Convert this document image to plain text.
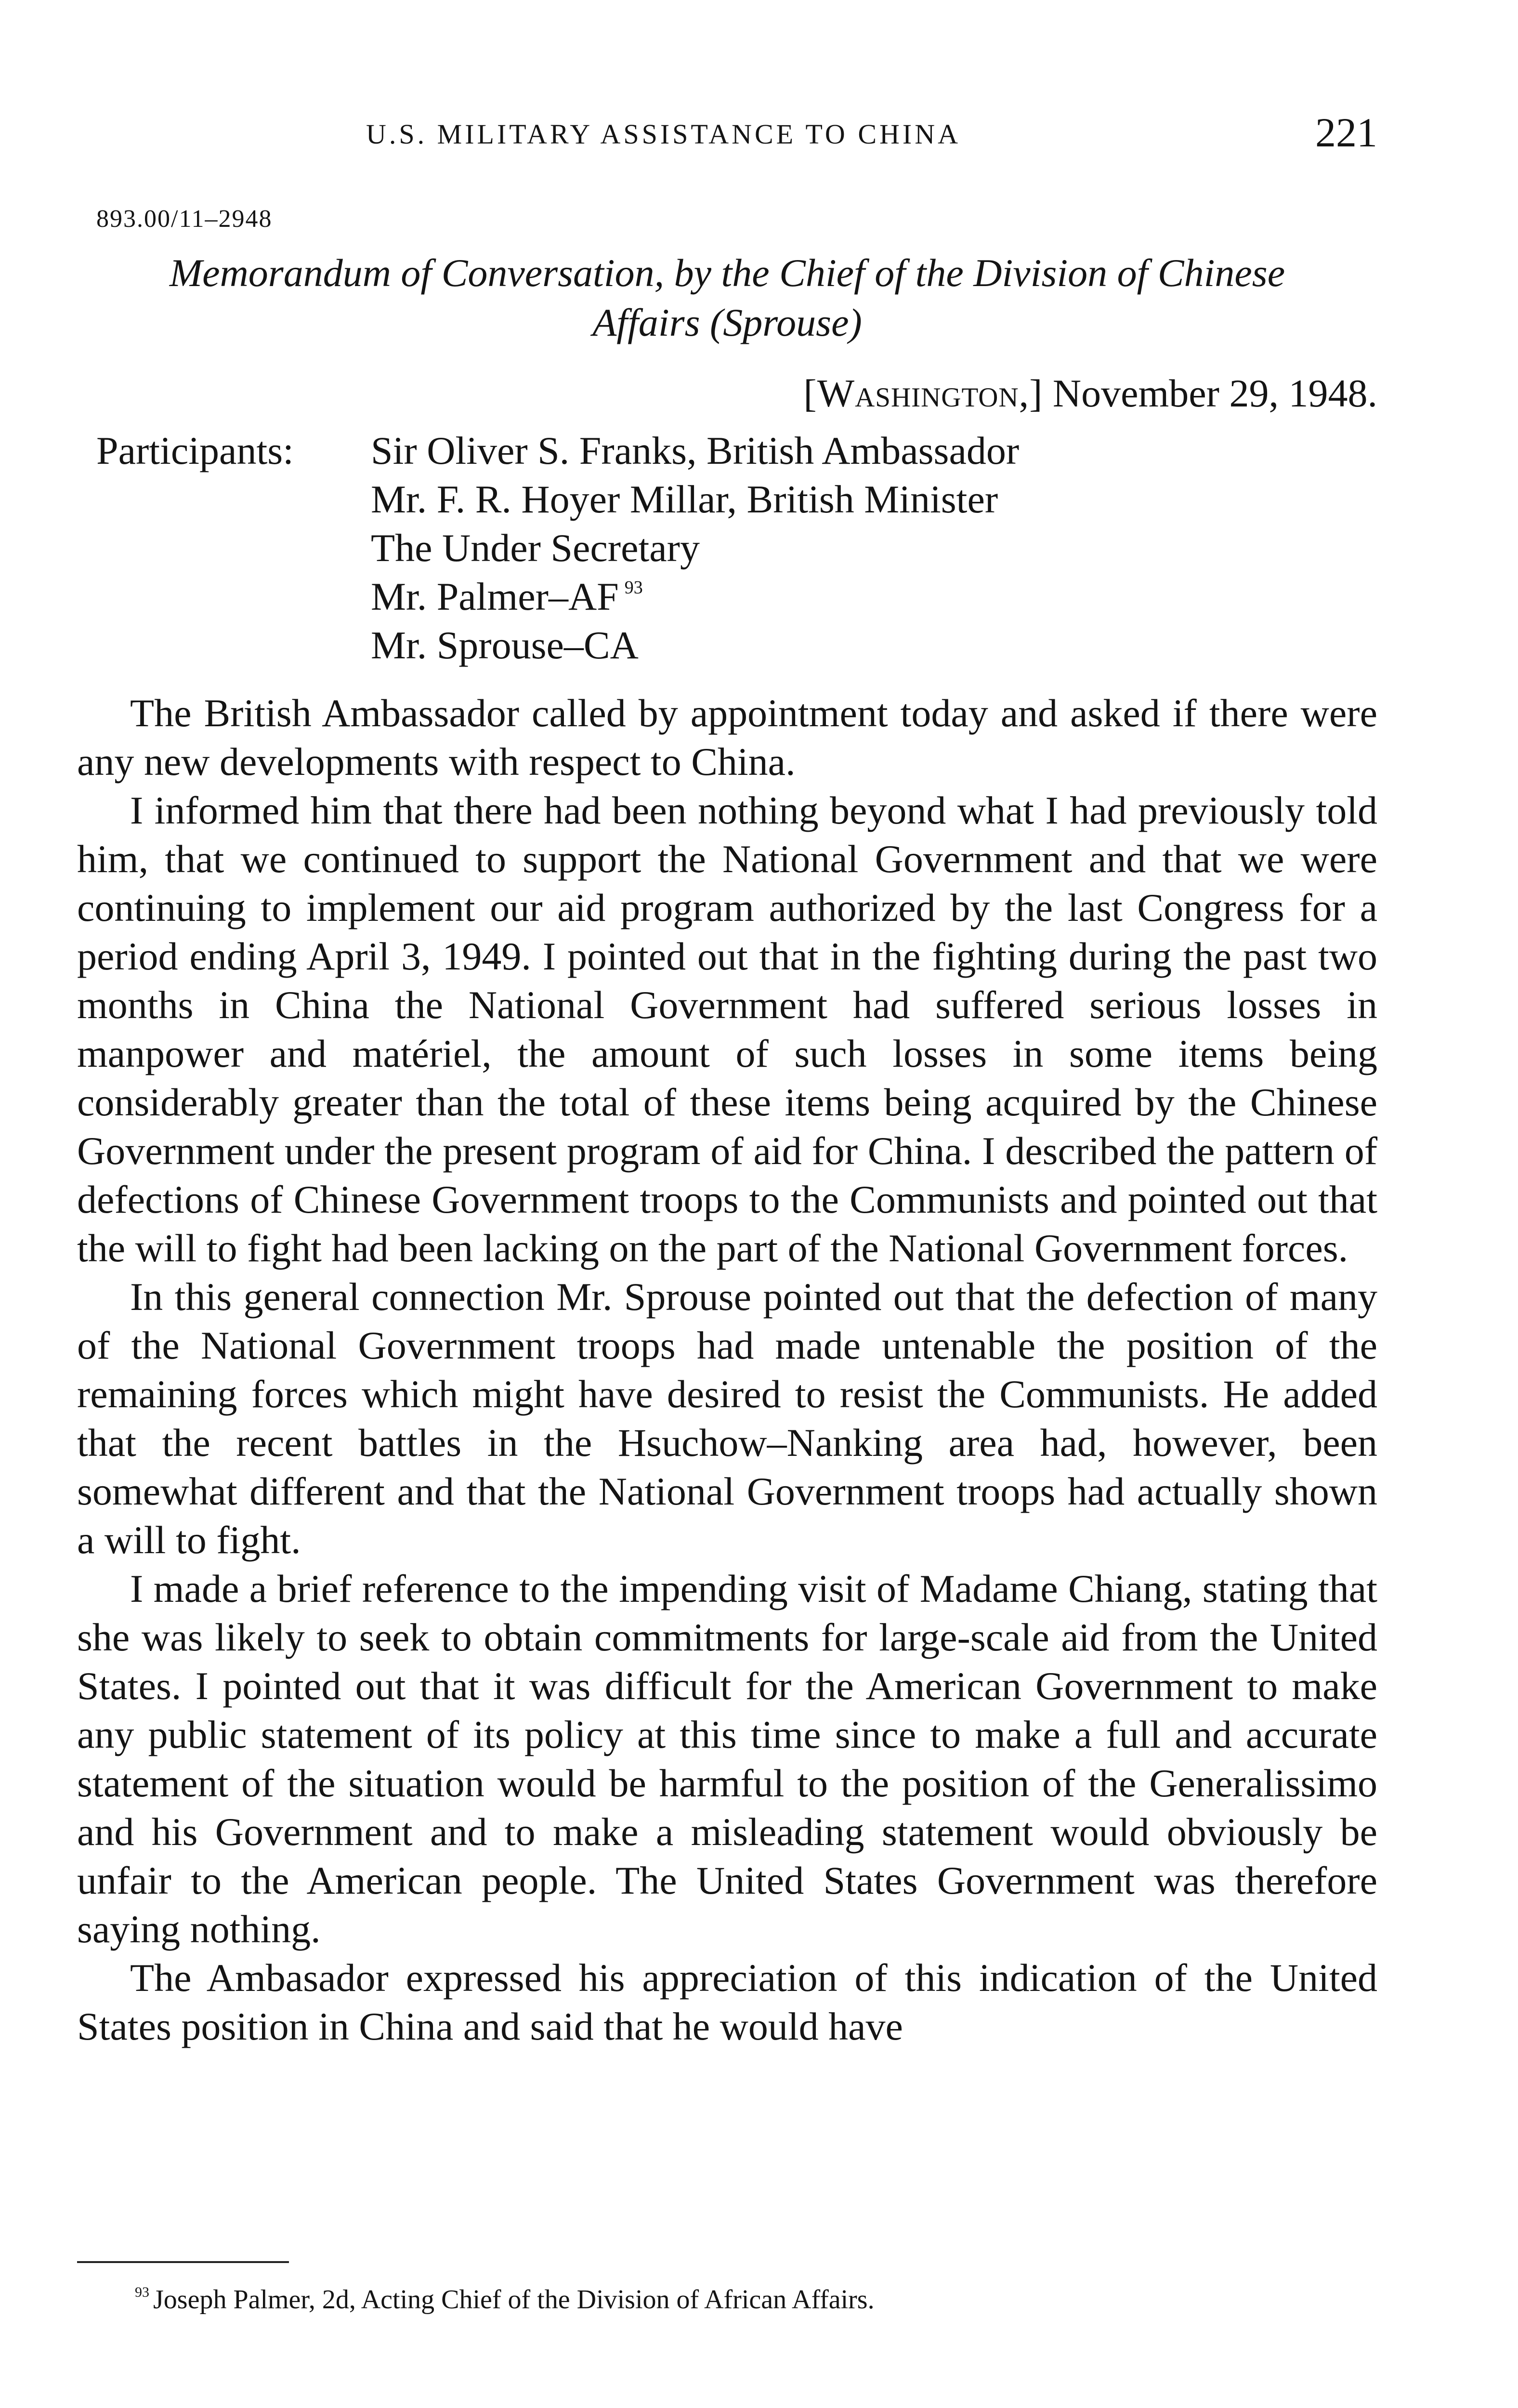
U.S. MILITARY ASSISTANCE TO CHINA	221
893.00/11–2948
Memorandum of Conversation, by the Chief of the Division of Chinese
Affairs (Sprouse)
[Washington,] November 29, 1948.
Participants: Sir Oliver S. Franks, British Ambassador
Mr. F. R. Hoyer Millar, British Minister
The Under Secretary
Mr. Palmer–AF $^{93}$
Mr. Sprouse–CA

The British Ambassador called by appointment today and asked if there were any new developments with respect to China.

I informed him that there had been nothing beyond what I had previously told him, that we continued to support the National Government and that we were continuing to implement our aid program authorized by the last Congress for a period ending April 3, 1949. I pointed out that in the fighting during the past two months in China the National Government had suffered serious losses in manpower and matériel, the amount of such losses in some items being considerably greater than the total of these items being acquired by the Chinese Government under the present program of aid for China. I described the pattern of defections of Chinese Government troops to the Communists and pointed out that the will to fight had been lacking on the part of the National Government forces.

In this general connection Mr. Sprouse pointed out that the defection of many of the National Government troops had made untenable the position of the remaining forces which might have desired to resist the Communists. He added that the recent battles in the Hsuchow–Nanking area had, however, been somewhat different and that the National Government troops had actually shown a will to fight.

I made a brief reference to the impending visit of Madame Chiang, stating that she was likely to seek to obtain commitments for large-scale aid from the United States. I pointed out that it was difficult for the American Government to make any public statement of its policy at this time since to make a full and accurate statement of the situation would be harmful to the position of the Generalissimo and his Government and to make a misleading statement would obviously be unfair to the American people. The United States Government was therefore saying nothing.

The Ambasador expressed his appreciation of this indication of the United States position in China and said that he would have

$^{93}$ Joseph Palmer, 2d, Acting Chief of the Division of African Affairs.
